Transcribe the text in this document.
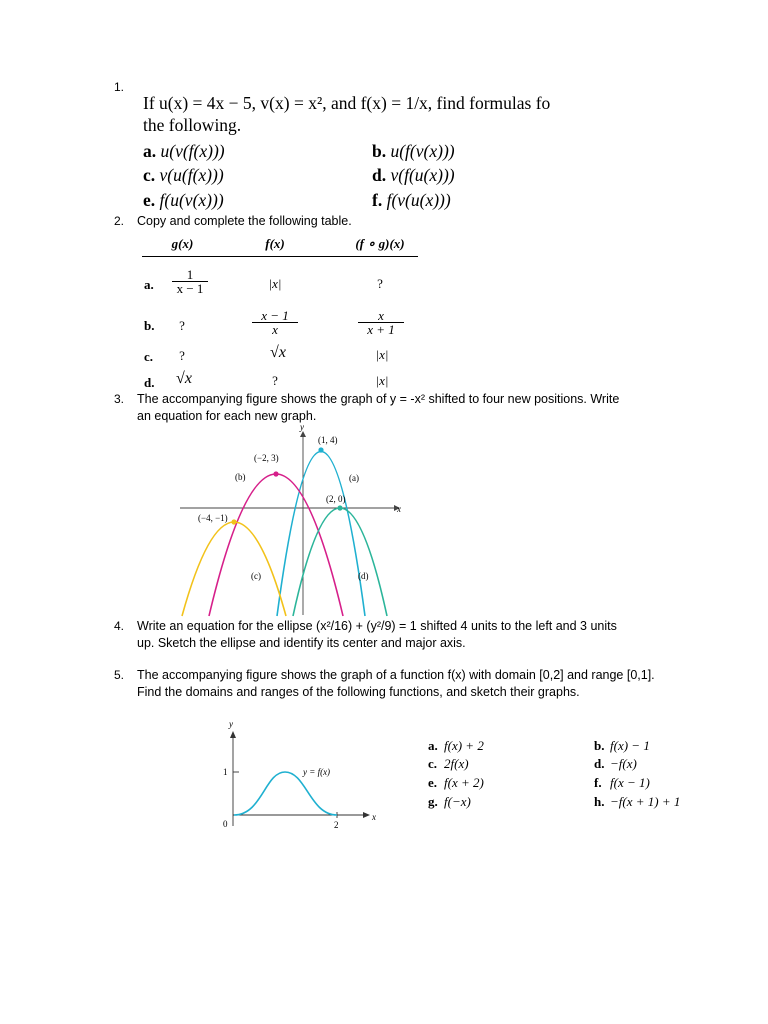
1.
If u(x) = 4x − 5, v(x) = x², and f(x) = 1/x, find formulas fo
the following.
a. u(v(f(x)))	b. u(f(v(x)))
c. v(u(f(x)))	d. v(f(u(x)))
e. f(u(v(x)))	f. f(v(u(x)))
2. Copy and complete the following table.
g(x)	f(x)	(f ∘ g)(x)
a. $\frac{1}{x - 1}$	|x|	?
b.	?	$\frac{x - 1}{x}$	$\frac{x}{x + 1}$
c.	?	√x	|x|
d.	√x	?	|x|
3. The accompanying figure shows the graph of y = -x² shifted to four new positions. Write
an equation for each new graph.
x
y
(1, 4)
(−2, 3)
(2, 0)
(−4, −1)
(a)
(b)
(c)	(d)
y
x
0
1
2
y = f(x)
4. Write an equation for the ellipse (x²/16) + (y²/9) = 1 shifted 4 units to the left and 3 units
up. Sketch the ellipse and identify its center and major axis.
5. The accompanying figure shows the graph of a function f(x) with domain [0,2] and range [0,1].
Find the domains and ranges of the following functions, and sketch their graphs.
a. f(x) + 2	b. f(x) − 1
c. 2f(x)	d. −f(x)
e. f(x + 2)	f. f(x − 1)
g. f(−x)	h. −f(x + 1) + 1
